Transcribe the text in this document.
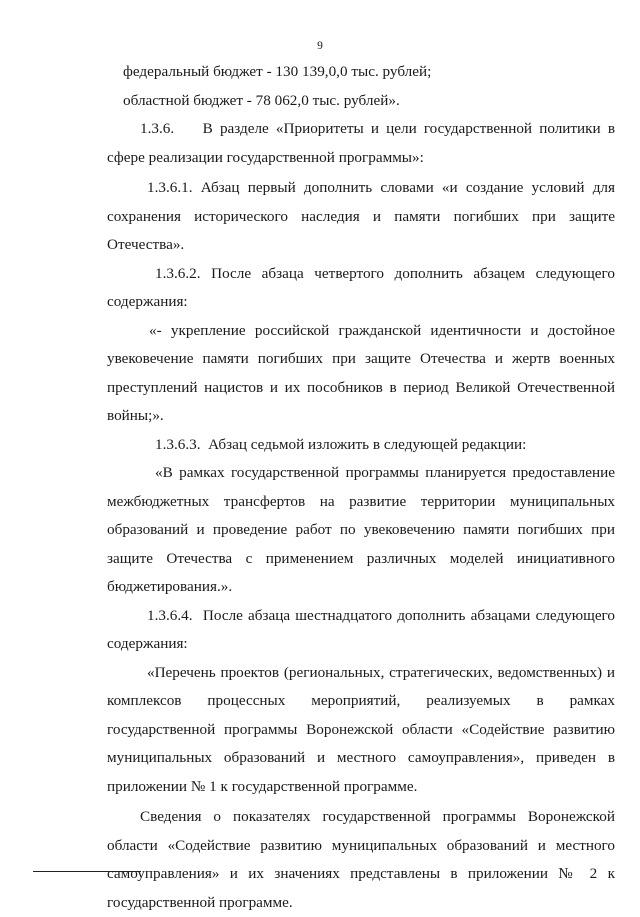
9

федеральный бюджет - 130 139,0,0 тыс. рублей;

областной бюджет - 78 062,0 тыс. рублей».

1.3.6.    В разделе «Приоритеты и цели государственной политики в сфере реализации государственной программы»:

1.3.6.1. Абзац первый дополнить словами «и создание условий для сохранения исторического наследия и памяти погибших при защите Отечества».

1.3.6.2. После абзаца четвертого дополнить абзацем следующего содержания:

«- укрепление российской гражданской идентичности и достойное увековечение памяти погибших при защите Отечества и жертв военных преступлений нацистов и их пособников в период Великой Отечественной войны;».

1.3.6.3.  Абзац седьмой изложить в следующей редакции:

«В рамках государственной программы планируется предоставление межбюджетных трансфертов на развитие территории муниципальных образований и проведение работ по увековечению памяти погибших при защите Отечества с применением различных моделей инициативного бюджетирования.».

1.3.6.4.  После абзаца шестнадцатого дополнить абзацами следующего содержания:

«Перечень проектов (региональных, стратегических, ведомственных) и комплексов процессных мероприятий, реализуемых в рамках государственной программы Воронежской области «Содействие развитию муниципальных образований и местного самоуправления», приведен в приложении № 1 к государственной программе.

Сведения о показателях государственной программы Воронежской области «Содействие развитию муниципальных образований и местного самоуправления» и их значениях представлены в приложении № 2 к государственной программе.
